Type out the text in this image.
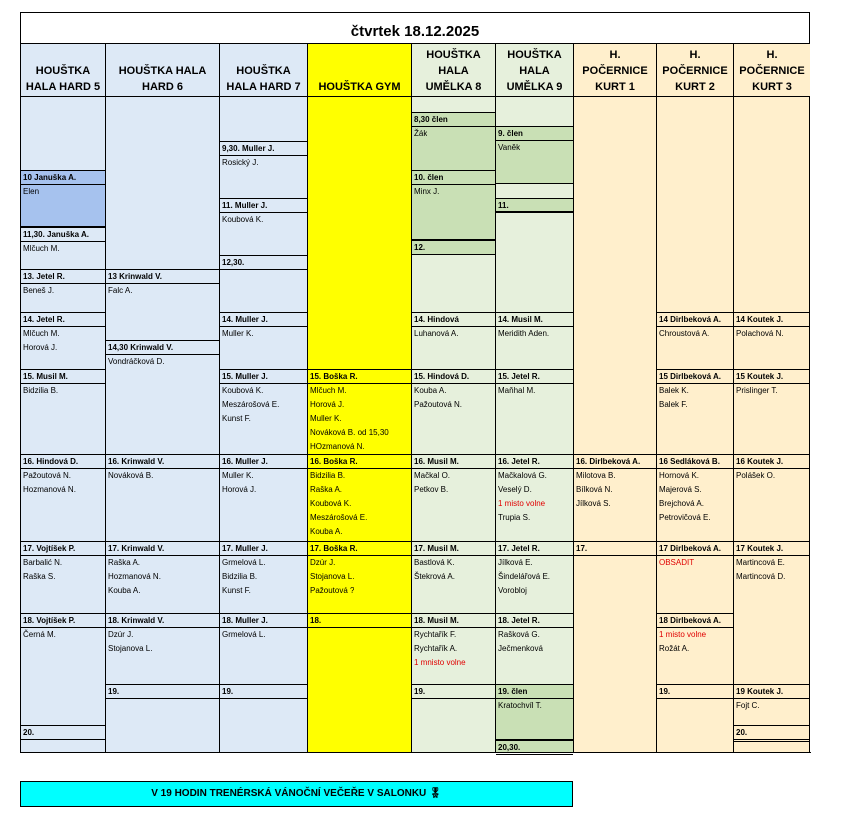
čtvrtek 18.12.2025
HOUŠTKA
HALA HARD 5
10 Januška A.
Elen
11,30. Januška A.
Mlčuch M.
13. Jetel R.
Beneš J.
14. Jetel R.
Mlčuch M.
Horová J.
15. Musil M.
Bidzilia B.
16. Hindová D.
Pažoutová N.
Hozmanová N.
17. Vojtíšek P.
Barbalić N.
Raška S.
18. Vojtíšek P.
Černá M.
20.
HOUŠTKA HALA
HARD 6
13 Krinwald V.
Falc A.
14,30 Krinwald V.
Vondráčková D.
16. Krinwald V.
Nováková B.
17. Krinwald V.
Raška A.
Hozmanová N.
Kouba A.
18. Krinwald V.
Dzúr J.
Stojanova L.
19.
HOUŠTKA
HALA HARD 7
9,30. Muller J.
Rosický J.
11. Muller J.
Koubová K.
12,30.
14. Muller J.
Muller K.
15. Muller J.
Koubová K.
Meszárošová E.
Kunst F.
16. Muller J.
Muller K.
Horová J.
17. Muller J.
Grmelová L.
Bidzilia B.
Kunst F.
18. Muller J.
Grmelová L.
19.
HOUŠTKA GYM
15. Boška R.
Mlčuch M.
Horová J.
Muller K.
Nováková B. od 15,30
HOzmanová N.
16. Boška R.
Bidzilia B.
Raška A.
Koubová K.
Meszárošová E.
Kouba A.
17. Boška R.
Dzúr J.
Stojanova L.
Pažoutová ?
18.
HOUŠTKA
HALA
UMĚLKA 8
8,30 člen
Žák
10. člen
Minx J.
12.
14. Hindová
Luhanová A.
15. Hindová D.
Kouba A.
Pažoutová N.
16. Musil M.
Mačkal O.
Petkov B.
17. Musil M.
Bastlová K.
Štekrová A.
18. Musil M.
Rychtařík F.
Rychtařík A.
1 mnisto volne
19.
HOUŠTKA
HALA
UMĚLKA 9
9. člen
Vaněk
11.
14. Musil M.
Meridith Aden.
15. Jetel R.
Maňhal M.
16. Jetel R.
Mačkalová G.
Veselý D.
1 misto volne
Trupia S.
17. Jetel R.
Jílková E.
Šindelářová E.
Vorobloj
18. Jetel R.
Rašková G.
Ječmenková
19. člen
Kratochvíl T.
20,30.
H.
POČERNICE
KURT 1
16. Dirlbeková A.
Milotova B.
Bílková N.
Jílková S.
17.
H.
POČERNICE
KURT 2
14 Dirlbeková A.
Chroustová A.
15 Dirlbeková A.
Balek K.
Balek F.
16 Sedláková B.
Hornová K.
Majerová S.
Brejchová A.
Petrovičová E.
17 Dirlbeková A.
OBSADIT
18 Dirlbeková A.
1 misto volne
Rožát A.
19.
H.
POČERNICE
KURT 3
14 Koutek J.
Polachová N.
15 Koutek J.
Prislinger T.
16 Koutek J.
Polášek O.
17 Koutek J.
Martincová E.
Martincová D.
19 Koutek J.
Fojt C.
20.
V 19 HODIN TRENÉRSKÁ VÁNOČNÍ VEČEŘE V SALONKU 🎖
